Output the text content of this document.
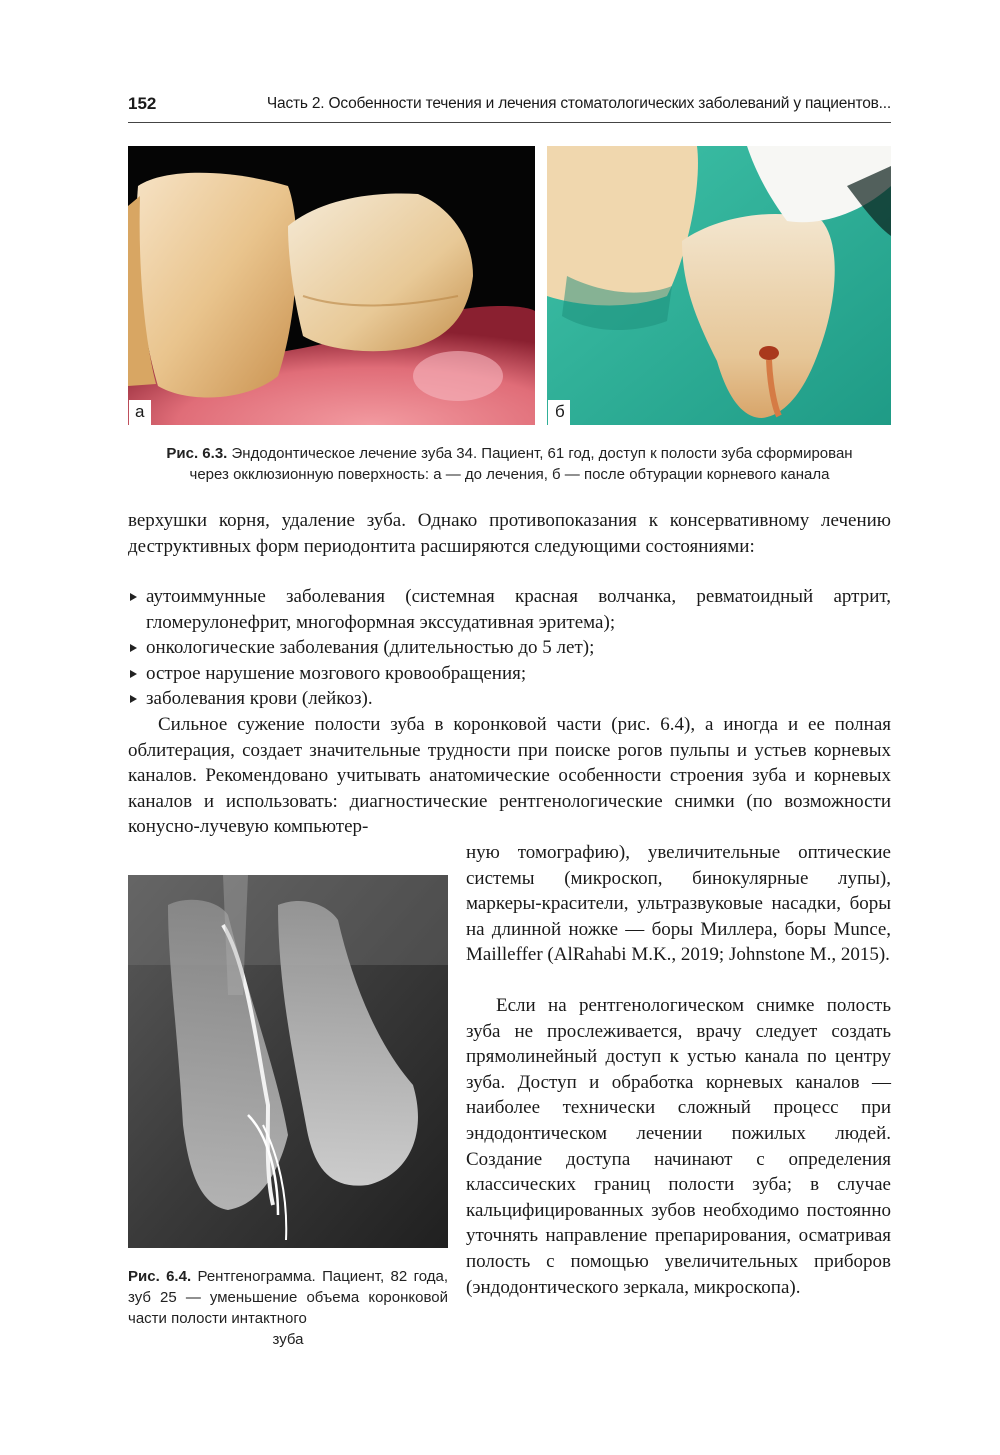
152	Часть 2. Особенности течения и лечения стоматологических заболеваний у пациентов...
а	б
Рис. 6.3. Эндодонтическое лечение зуба 34. Пациент, 61 год, доступ к полости зуба сформирован
через окклюзионную поверхность: а — до лечения, б — после обтурации корневого канала
верхушки корня, удаление зуба. Однако противопоказания к консервативному лечению деструктивных форм периодонтита расширяются следующими состояниями:
аутоиммунные заболевания (системная красная волчанка, ревматоидный артрит, гломерулонефрит, многоформная экссудативная эритема);
онкологические заболевания (длительностью до 5 лет);
острое нарушение мозгового кровообращения;
заболевания крови (лейкоз).
Сильное сужение полости зуба в коронковой части (рис. 6.4), а иногда и ее полная облитерация, создает значительные трудности при поиске рогов пульпы и устьев корневых каналов. Рекомендовано учитывать анатомические особенности строения зуба и корневых каналов и использовать: диагностические рентгенологические снимки (по возможности конусно-лучевую компьютер-
Рис. 6.4. Рентгенограмма. Пациент, 82 года, зуб 25 — уменьшение объема коронковой части полости интактного
зуба
ную томографию), увеличительные оптические системы (микроскоп, бинокулярные лупы), маркеры-красители, ультразвуковые насадки, боры на длинной ножке — боры Миллера, боры Munce, Mailleffer (AlRahabi M.K., 2019; Johnstone M., 2015).
Если на рентгенологическом снимке полость зуба не прослеживается, врачу следует создать прямолинейный доступ к устью канала по центру зуба. Доступ и обработка корневых каналов — наиболее технически сложный процесс при эндодонтическом лечении пожилых людей. Создание доступа начинают с определения классических границ полости зуба; в случае кальцифицированных зубов необходимо постоянно уточнять направление препарирования, осматривая полость с помощью увеличительных приборов (эндодонтического зеркала, микроскопа).
